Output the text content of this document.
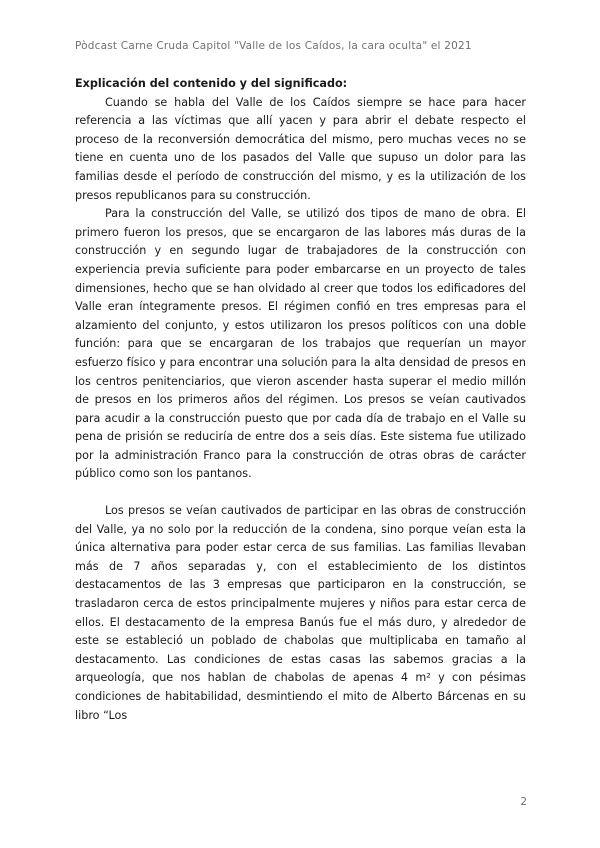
Pòdcast Carne Cruda Capitol "Valle de los Caídos, la cara oculta" el 2021

Explicación del contenido y del significado:

Cuando se habla del Valle de los Caídos siempre se hace para hacer referencia a las víctimas que allí yacen y para abrir el debate respecto el proceso de la reconversión democrática del mismo, pero muchas veces no se tiene en cuenta uno de los pasados del Valle que supuso un dolor para las familias desde el período de construcción del mismo, y es la utilización de los presos republicanos para su construcción.

Para la construcción del Valle, se utilizó dos tipos de mano de obra. El primero fueron los presos, que se encargaron de las labores más duras de la construcción y en segundo lugar de trabajadores de la construcción con experiencia previa suficiente para poder embarcarse en un proyecto de tales dimensiones, hecho que se han olvidado al creer que todos los edificadores del Valle eran íntegramente presos. El régimen confió en tres empresas para el alzamiento del conjunto, y estos utilizaron los presos políticos con una doble función: para que se encargaran de los trabajos que requerían un mayor esfuerzo físico y para encontrar una solución para la alta densidad de presos en los centros penitenciarios, que vieron ascender hasta superar el medio millón de presos en los primeros años del régimen. Los presos se veían cautivados para acudir a la construcción puesto que por cada día de trabajo en el Valle su pena de prisión se reduciría de entre dos a seis días. Este sistema fue utilizado por la administración Franco para la construcción de otras obras de carácter público como son los pantanos.

Los presos se veían cautivados de participar en las obras de construcción del Valle, ya no solo por la reducción de la condena, sino porque veían esta la única alternativa para poder estar cerca de sus familias. Las familias llevaban más de 7 años separadas y, con el establecimiento de los distintos destacamentos de las 3 empresas que participaron en la construcción, se trasladaron cerca de estos principalmente mujeres y niños para estar cerca de ellos. El destacamento de la empresa Banús fue el más duro, y alrededor de este se estableció un poblado de chabolas que multiplicaba en tamaño al destacamento. Las condiciones de estas casas las sabemos gracias a la arqueología, que nos hablan de chabolas de apenas 4 m² y con pésimas condiciones de habitabilidad, desmintiendo el mito de Alberto Bárcenas en su libro “Los

2
